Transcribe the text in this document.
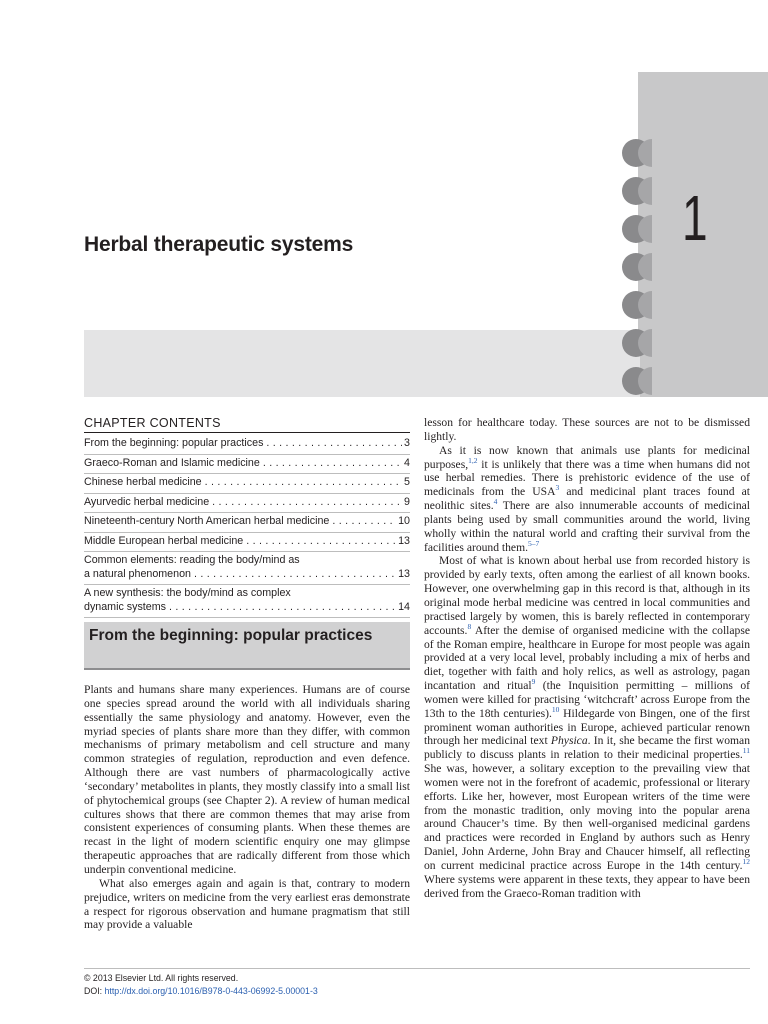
1
Herbal therapeutic systems
CHAPTER CONTENTS
From the beginning: popular practices .....	3
Graeco-Roman and Islamic medicine .....	4
Chinese herbal medicine .....	5
Ayurvedic herbal medicine .....	9
Nineteenth-century North American herbal medicine .....	10
Middle European herbal medicine .....	13
Common elements: reading the body/mind as
a natural phenomenon .....	13
A new synthesis: the body/mind as complex
dynamic systems .....	14
From the beginning: popular practices

Plants and humans share many experiences. Humans are of course one species spread around the world with all individuals sharing essentially the same physiology and anatomy. However, even the myriad species of plants share more than they differ, with common mechanisms of primary metabolism and cell structure and many common strategies of regulation, reproduction and even defence. Although there are vast numbers of pharmacologically active ‘secondary’ metabolites in plants, they mostly classify into a small list of phytochemical groups (see Chapter 2). A review of human medical cultures shows that there are common themes that may arise from consistent experiences of consuming plants. When these themes are recast in the light of modern scientific enquiry one may glimpse therapeutic approaches that are radically different from those which underpin conventional medicine.

What also emerges again and again is that, contrary to modern prejudice, writers on medicine from the very earliest eras demonstrate a respect for rigorous observation and humane pragmatism that still may provide a valuable

lesson for healthcare today. These sources are not to be dismissed lightly.

As it is now known that animals use plants for medicinal purposes,$^{1,2}$ it is unlikely that there was a time when humans did not use herbal remedies. There is prehistoric evidence of the use of medicinals from the USA$^3$ and medicinal plant traces found at neolithic sites.$^4$ There are also innumerable accounts of medicinal plants being used by small communities around the world, living wholly within the natural world and crafting their survival from the facilities around them.$^{5-7}$

Most of what is known about herbal use from recorded history is provided by early texts, often among the earliest of all known books. However, one overwhelming gap in this record is that, although in its original mode herbal medicine was centred in local communities and practised largely by women, this is barely reflected in contemporary accounts.$^8$ After the demise of organised medicine with the collapse of the Roman empire, healthcare in Europe for most people was again provided at a very local level, probably including a mix of herbs and diet, together with faith and holy relics, as well as astrology, pagan incantation and ritual$^9$ (the Inquisition permitting – millions of women were killed for practising ‘witchcraft’ across Europe from the 13th to the 18th centuries).$^{10}$ Hildegarde von Bingen, one of the first prominent woman authorities in Europe, achieved particular renown through her medicinal text Physica. In it, she became the first woman publicly to discuss plants in relation to their medicinal properties.$^{11}$ She was, however, a solitary exception to the prevailing view that women were not in the forefront of academic, professional or literary efforts. Like her, however, most European writers of the time were from the monastic tradition, only moving into the popular arena around Chaucer’s time. By then well-organised medicinal gardens and practices were recorded in England by authors such as Henry Daniel, John Arderne, John Bray and Chaucer himself, all reflecting on current medicinal practice across Europe in the 14th century.$^{12}$ Where systems were apparent in these texts, they appear to have been derived from the Graeco-Roman tradition with

© 2013 Elsevier Ltd. All rights reserved.
DOI: http://dx.doi.org/10.1016/B978-0-443-06992-5.00001-3
